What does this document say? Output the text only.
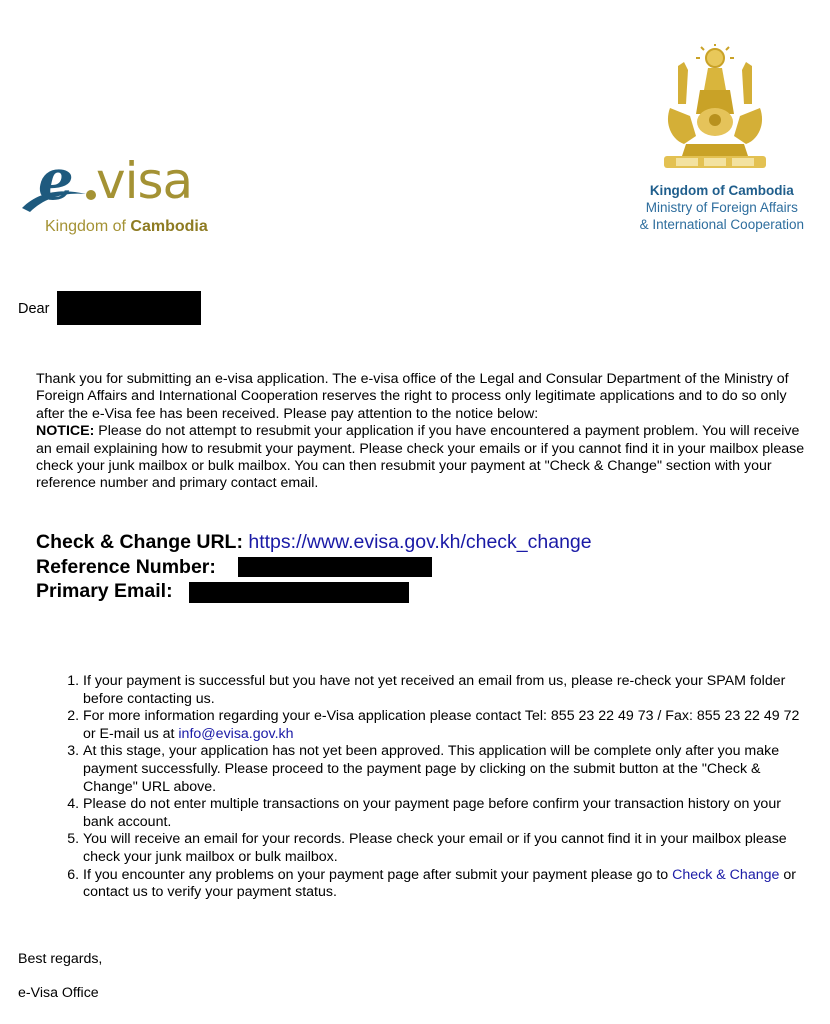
e visa
Kingdom of Cambodia
Kingdom of Cambodia
Ministry of Foreign Affairs
& International Cooperation
Dear

Thank you for submitting an e-visa application. The e-visa office of the Legal and Consular Department of the Ministry of Foreign Affairs and International Cooperation reserves the right to process only legitimate applications and to do so only after the e-Visa fee has been received. Please pay attention to the notice below:

NOTICE: Please do not attempt to resubmit your application if you have encountered a payment problem. You will receive an email explaining how to resubmit your payment. Please check your emails or if you cannot find it in your mailbox please check your junk mailbox or bulk mailbox. You can then resubmit your payment at "Check & Change" section with your reference number and primary contact email.

Check & Change URL: https://www.evisa.gov.kh/check_change
Reference Number:
Primary Email:
1. If your payment is successful but you have not yet received an email from us, please re-check your SPAM folder before contacting us.
2. For more information regarding your e-Visa application please contact Tel: 855 23 22 49 73 / Fax: 855 23 22 49 72 or E-mail us at info@evisa.gov.kh
3. At this stage, your application has not yet been approved. This application will be complete only after you make payment successfully. Please proceed to the payment page by clicking on the submit button at the "Check & Change" URL above.
4. Please do not enter multiple transactions on your payment page before confirm your transaction history on your bank account.
5. You will receive an email for your records. Please check your email or if you cannot find it in your mailbox please check your junk mailbox or bulk mailbox.
6. If you encounter any problems on your payment page after submit your payment please go to Check & Change or contact us to verify your payment status.
Best regards,
e-Visa Office
